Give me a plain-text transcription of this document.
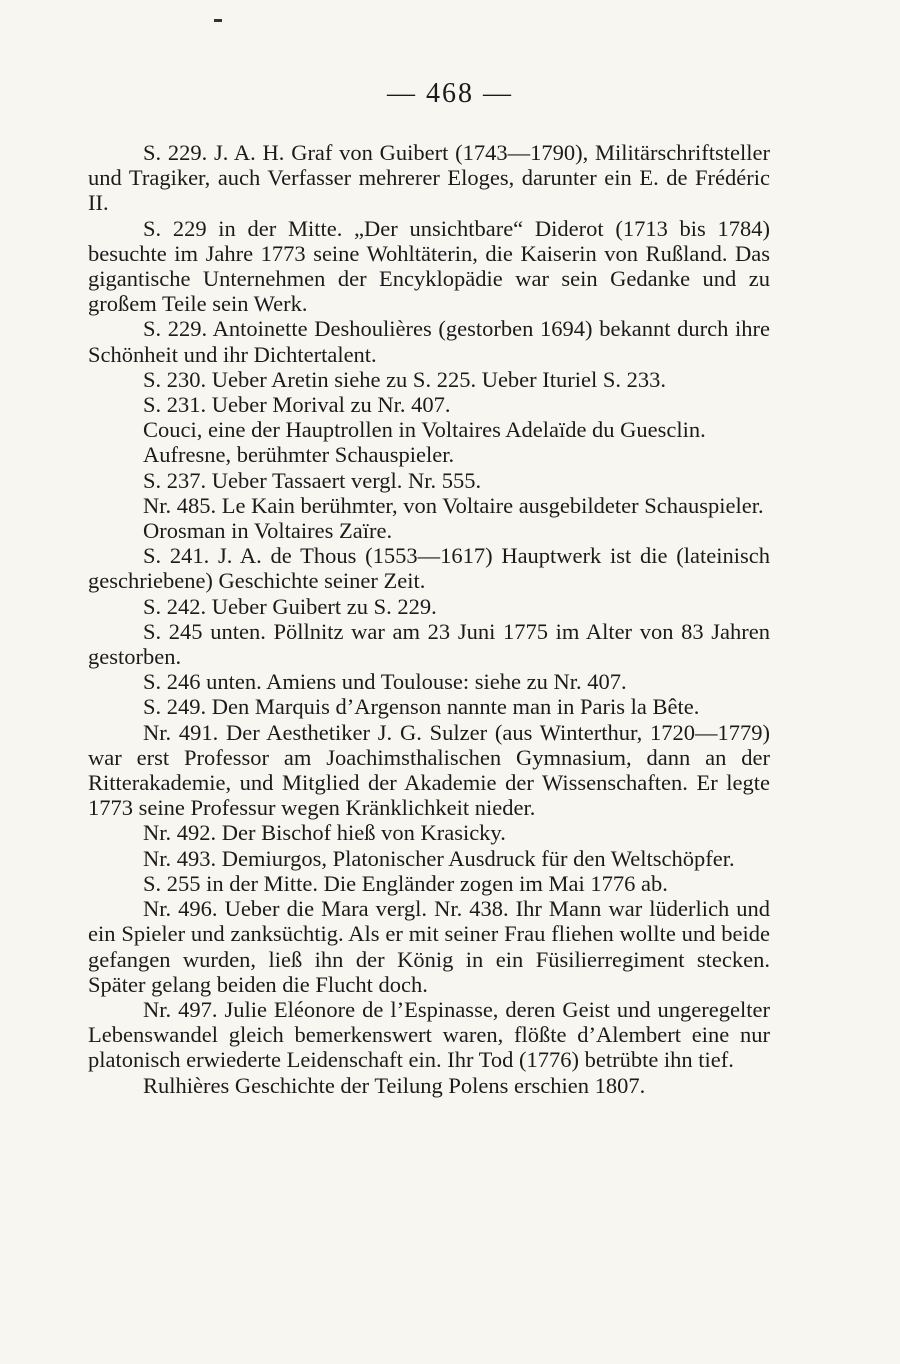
— 468 —

S. 229. J. A. H. Graf von Guibert (1743—1790), Militärschriftsteller und Tragiker, auch Verfasser mehrerer Eloges, darunter ein E. de Frédéric II.

S. 229 in der Mitte. „Der unsichtbare“ Diderot (1713 bis 1784) besuchte im Jahre 1773 seine Wohltäterin, die Kaiserin von Rußland. Das gigantische Unternehmen der Encyklopädie war sein Gedanke und zu großem Teile sein Werk.

S. 229. Antoinette Deshoulières (gestorben 1694) bekannt durch ihre Schönheit und ihr Dichtertalent.

S. 230. Ueber Aretin siehe zu S. 225. Ueber Ituriel S. 233.

S. 231. Ueber Morival zu Nr. 407.

Couci, eine der Hauptrollen in Voltaires Adelaïde du Guesclin.

Aufresne, berühmter Schauspieler.

S. 237. Ueber Tassaert vergl. Nr. 555.

Nr. 485. Le Kain berühmter, von Voltaire ausgebildeter Schauspieler.

Orosman in Voltaires Zaïre.

S. 241. J. A. de Thous (1553—1617) Hauptwerk ist die (lateinisch geschriebene) Geschichte seiner Zeit.

S. 242. Ueber Guibert zu S. 229.

S. 245 unten. Pöllnitz war am 23 Juni 1775 im Alter von 83 Jahren gestorben.

S. 246 unten. Amiens und Toulouse: siehe zu Nr. 407.

S. 249. Den Marquis d’Argenson nannte man in Paris la Bête.

Nr. 491. Der Aesthetiker J. G. Sulzer (aus Winterthur, 1720—1779) war erst Professor am Joachimsthalischen Gymnasium, dann an der Ritterakademie, und Mitglied der Akademie der Wissenschaften. Er legte 1773 seine Professur wegen Kränklichkeit nieder.

Nr. 492. Der Bischof hieß von Krasicky.

Nr. 493. Demiurgos, Platonischer Ausdruck für den Weltschöpfer.

S. 255 in der Mitte. Die Engländer zogen im Mai 1776 ab.

Nr. 496. Ueber die Mara vergl. Nr. 438. Ihr Mann war lüderlich und ein Spieler und zanksüchtig. Als er mit seiner Frau fliehen wollte und beide gefangen wurden, ließ ihn der König in ein Füsilierregiment stecken. Später gelang beiden die Flucht doch.

Nr. 497. Julie Eléonore de l’Espinasse, deren Geist und ungeregelter Lebenswandel gleich bemerkenswert waren, flößte d’Alembert eine nur platonisch erwiederte Leidenschaft ein. Ihr Tod (1776) betrübte ihn tief.

Rulhières Geschichte der Teilung Polens erschien 1807.
